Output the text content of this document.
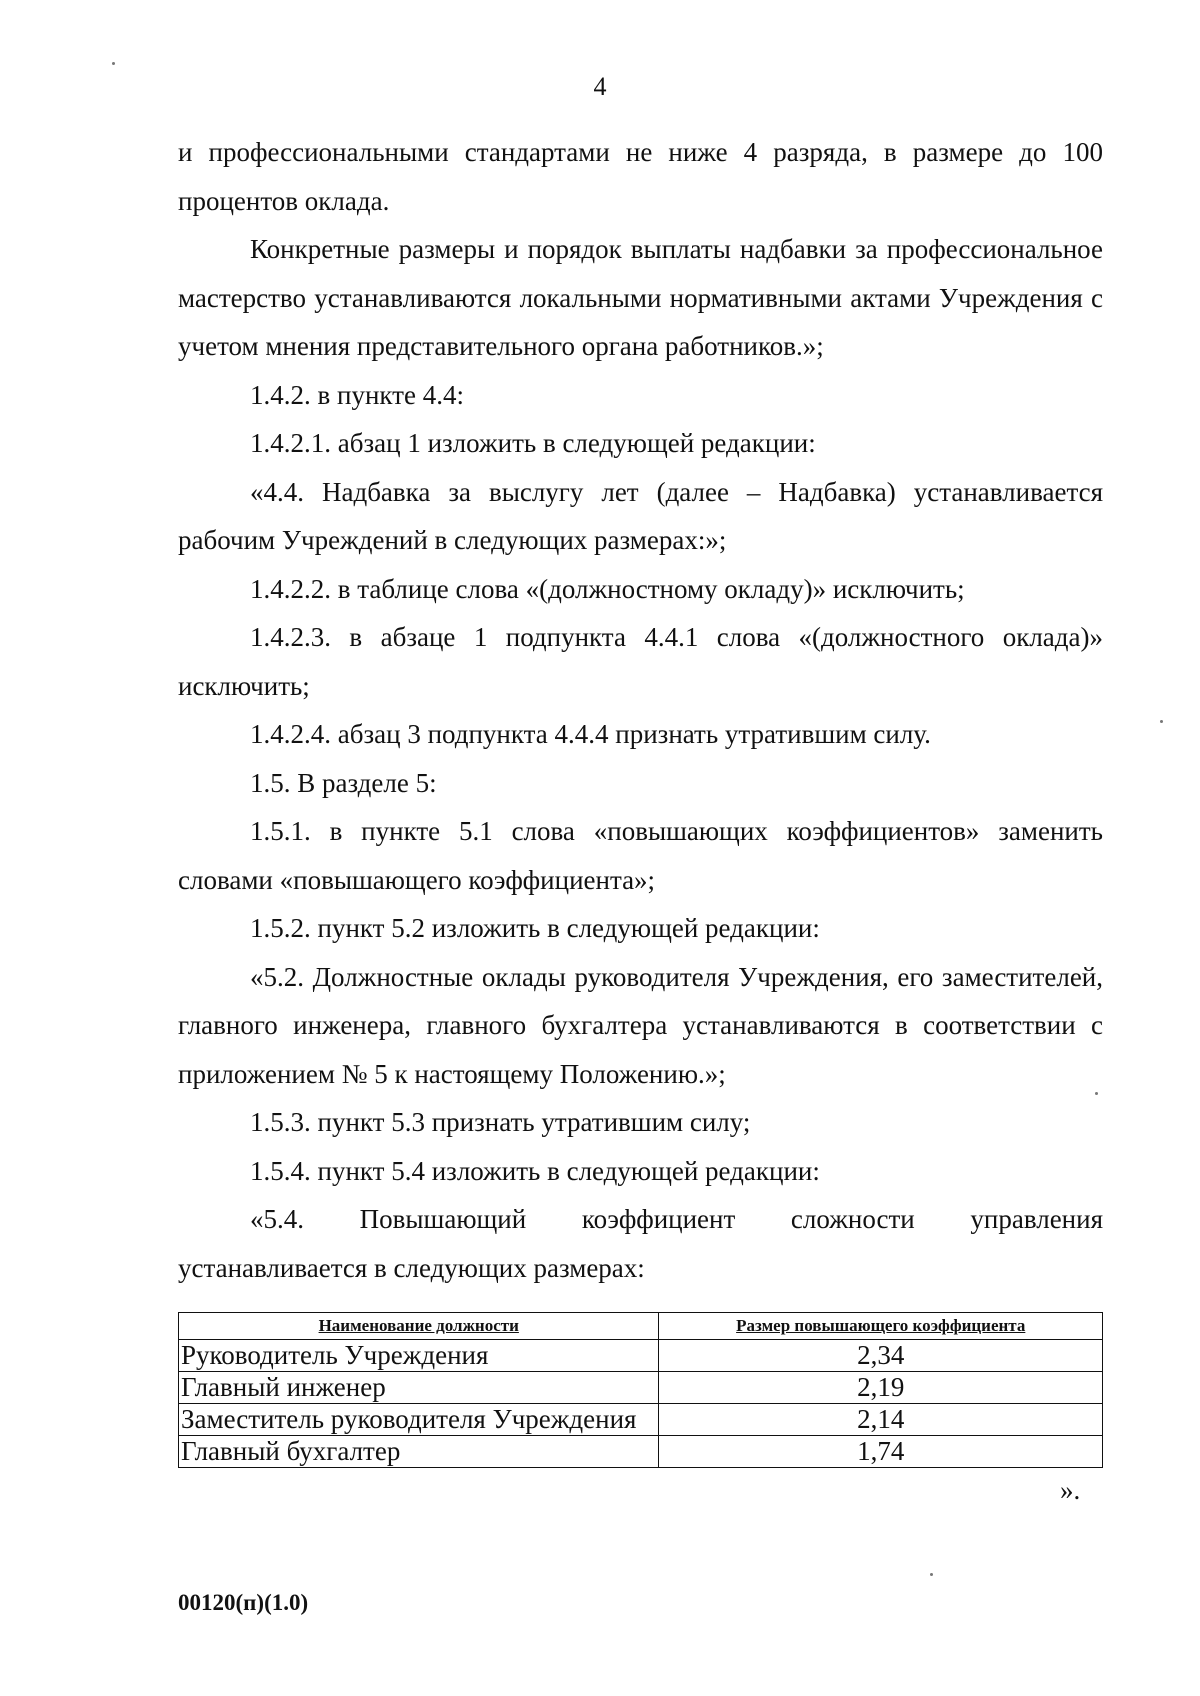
4

и профессиональными стандартами не ниже 4 разряда, в размере до 100 процентов оклада.

Конкретные размеры и порядок выплаты надбавки за профессиональное мастерство устанавливаются локальными нормативными актами Учреждения с учетом мнения представительного органа работников.»;

1.4.2. в пункте 4.4:

1.4.2.1. абзац 1 изложить в следующей редакции:

«4.4. Надбавка за выслугу лет (далее – Надбавка) устанавливается рабочим Учреждений в следующих размерах:»;

1.4.2.2. в таблице слова «(должностному окладу)» исключить;

1.4.2.3. в абзаце 1 подпункта 4.4.1 слова «(должностного оклада)» исключить;

1.4.2.4. абзац 3 подпункта 4.4.4 признать утратившим силу.

1.5. В разделе 5:

1.5.1. в пункте 5.1 слова «повышающих коэффициентов» заменить словами «повышающего коэффициента»;

1.5.2. пункт 5.2 изложить в следующей редакции:

«5.2. Должностные оклады руководителя Учреждения, его заместителей, главного инженера, главного бухгалтера устанавливаются в соответствии с приложением № 5 к настоящему Положению.»;

1.5.3. пункт 5.3 признать утратившим силу;

1.5.4. пункт 5.4 изложить в следующей редакции:

«5.4. Повышающий коэффициент сложности управления устанавливается в следующих размерах:

Наименование должности	Размер повышающего коэффициента
Руководитель Учреждения	2,34
Главный инженер	2,19
Заместитель руководителя Учреждения	2,14
Главный бухгалтер	1,74
».
00120(п)(1.0)
